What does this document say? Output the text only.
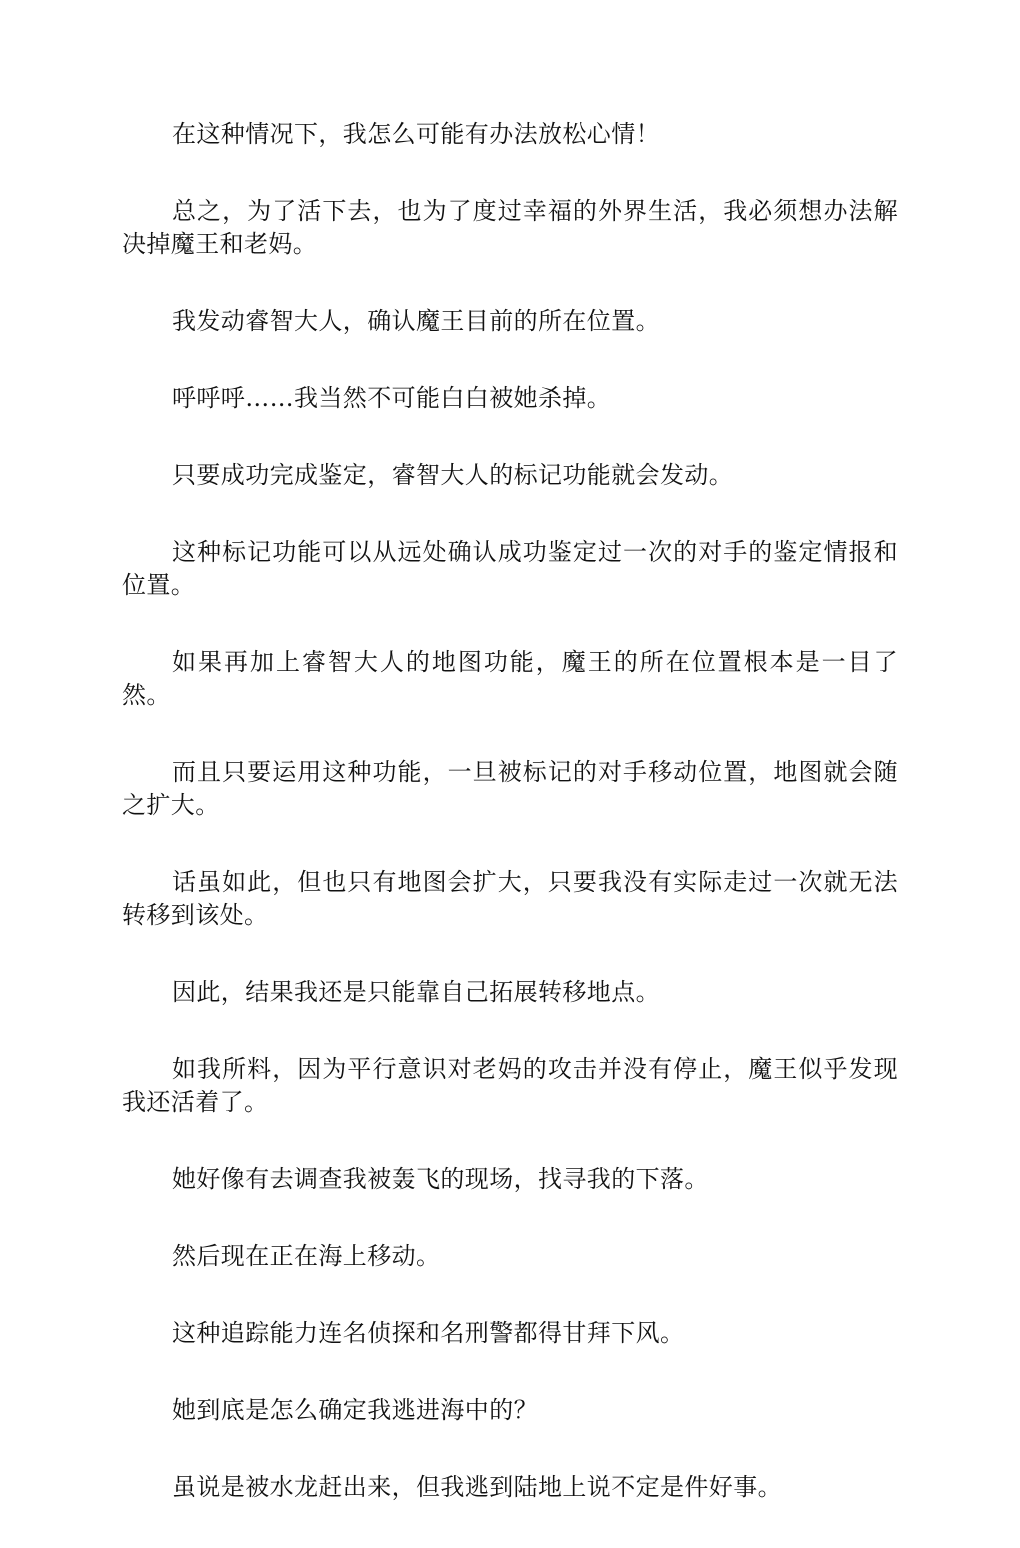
在这种情况下，我怎么可能有办法放松心情！

总之，为了活下去，也为了度过幸福的外界生活，我必须想办法解决掉魔王和老妈。

我发动睿智大人，确认魔王目前的所在位置。

呼呼呼……我当然不可能白白被她杀掉。

只要成功完成鉴定，睿智大人的标记功能就会发动。

这种标记功能可以从远处确认成功鉴定过一次的对手的鉴定情报和位置。

如果再加上睿智大人的地图功能，魔王的所在位置根本是一目了然。

而且只要运用这种功能，一旦被标记的对手移动位置，地图就会随之扩大。

话虽如此，但也只有地图会扩大，只要我没有实际走过一次就无法转移到该处。

因此，结果我还是只能靠自己拓展转移地点。

如我所料，因为平行意识对老妈的攻击并没有停止，魔王似乎发现我还活着了。

她好像有去调查我被轰飞的现场，找寻我的下落。

然后现在正在海上移动。

这种追踪能力连名侦探和名刑警都得甘拜下风。

她到底是怎么确定我逃进海中的？

虽说是被水龙赶出来，但我逃到陆地上说不定是件好事。
